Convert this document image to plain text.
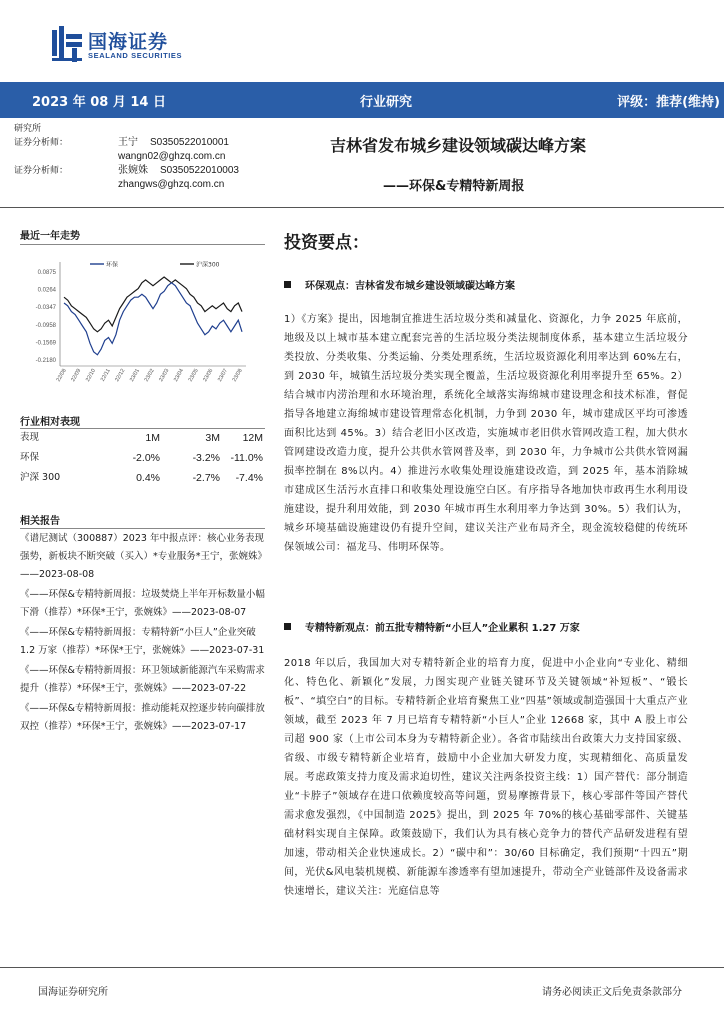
国海证券
SEALAND SECURITIES
2023 年 08 月 14 日	行业研究	评级：推荐(维持)
研究所
证券分析师：	王宁 S0350522010001
wangn02@ghzq.com.cn
证券分析师：	张婉姝 S0350522010003
zhangws@ghzq.com.cn
吉林省发布城乡建设领域碳达峰方案
——环保&专精特新周报
最近一年走势
0.0875
0.0264
-0.0347
-0.0958
-0.1569
-0.2180
22/08 22/09 22/10 22/11 22/12 23/01 23/02 23/03 23/04 23/05 23/06 23/07 23/08
环保	沪深300
行业相对表现
表现	1M	3M	12M
环保	-2.0%	-3.2%	-11.0%
沪深 300	0.4%	-2.7%	-7.4%
相关报告
《谱尼测试（300887）2023 年中报点评：核心业务表现强势，新板块不断突破（买入）*专业服务*王宁，张婉姝》——2023-08-08
《——环保&专精特新周报：垃圾焚烧上半年开标数量小幅下滑（推荐）*环保*王宁，张婉姝》——2023-08-07
《——环保&专精特新周报：专精特新“小巨人”企业突破 1.2 万家（推荐）*环保*王宁，张婉姝》——2023-07-31
《——环保&专精特新周报：环卫领域新能源汽车采购需求提升（推荐）*环保*王宁，张婉姝》——2023-07-22
《——环保&专精特新周报：推动能耗双控逐步转向碳排放双控（推荐）*环保*王宁，张婉姝》——2023-07-17
投资要点：
环保观点：吉林省发布城乡建设领域碳达峰方案
1）《方案》提出，因地制宜推进生活垃圾分类和减量化、资源化，力争 2025 年底前，地级及以上城市基本建立配套完善的生活垃圾分类法规制度体系，基本建立生活垃圾分类投放、分类收集、分类运输、分类处理系统，生活垃圾资源化利用率达到 60%左右，到 2030 年，城镇生活垃圾分类实现全覆盖，生活垃圾资源化利用率提升至 65%。2）结合城市内涝治理和水环境治理，系统化全域落实海绵城市建设理念和技术标准，督促指导各地建立海绵城市建设管理常态化机制，力争到 2030 年，城市建成区平均可渗透面积比达到 45%。3）结合老旧小区改造，实施城市老旧供水管网改造工程，加大供水管网建设改造力度，提升公共供水管网普及率，到 2030 年，力争城市公共供水管网漏损率控制在 8%以内。4）推进污水收集处理设施建设改造，到 2025 年，基本消除城市建成区生活污水直排口和收集处理设施空白区。有序指导各地加快市政再生水利用设施建设，提升利用效能，到 2030 年城市再生水利用率力争达到 30%。5）我们认为，城乡环境基础设施建设仍有提升空间，建议关注产业布局齐全，现金流较稳健的传统环保领域公司：福龙马、伟明环保等。
专精特新观点：前五批专精特新“小巨人”企业累积 1.27 万家
2018 年以后，我国加大对专精特新企业的培育力度，促进中小企业向“专业化、精细化、特色化、新颖化”发展，力图实现产业链关键环节及关键领域“补短板”、“锻长板”、“填空白”的目标。专精特新企业培育聚焦工业“四基”领域或制造强国十大重点产业领域，截至 2023 年 7 月已培育专精特新“小巨人”企业 12668 家，其中 A 股上市公司超 900 家（上市公司本身为专精特新企业）。各省市陆续出台政策大力支持国家级、省级、市级专精特新企业培育，鼓励中小企业加大研发力度，实现精细化、高质量发展。考虑政策支持力度及需求迫切性，建议关注两条投资主线：1）国产替代：部分制造业“卡脖子”领域存在进口依赖度较高等问题，贸易摩擦背景下，核心零部件等国产替代需求愈发强烈，《中国制造 2025》提出，到 2025 年 70%的核心基础零部件、关键基础材料实现自主保障。政策鼓励下，我们认为具有核心竞争力的替代产品研发进程有望加速，带动相关企业快速成长。2）“碳中和”：30/60 目标确定，我们预期“十四五”期间，光伏&风电装机规模、新能源车渗透率有望加速提升，带动全产业链部件及设备需求快速增长，建议关注：光庭信息等
国海证券研究所	请务必阅读正文后免责条款部分
